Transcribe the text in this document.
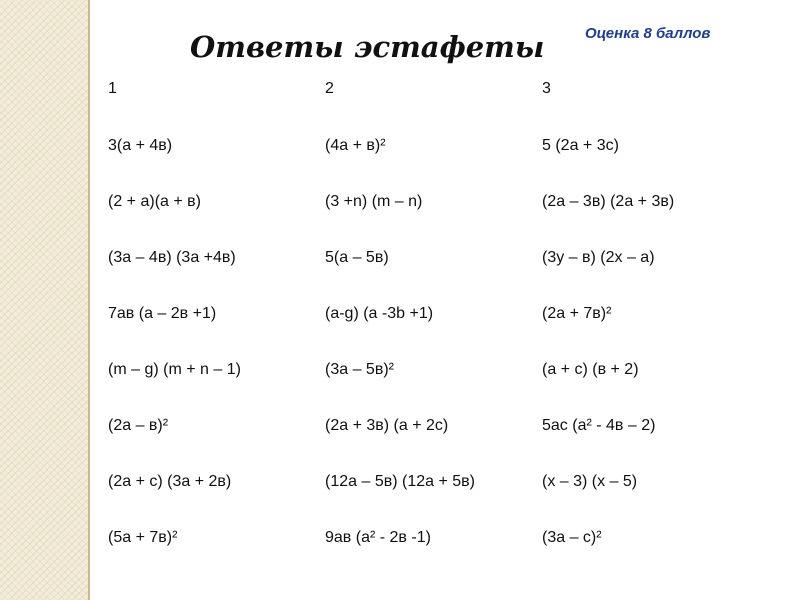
Ответы эстафеты	Оценка 8 баллов
1	2	3
3(а + 4в)	(4а + в)²	5 (2а + 3с)
(2 + а)(а + в)	(3 +n) (m – n)	(2а – 3в) (2а + 3в)
(3а – 4в) (3а +4в)	5(а – 5в)	(3у – в) (2х – а)
7ав (а – 2в +1)	(a-g) (a -3b +1)	(2а + 7в)²
(m – g) (m + n – 1)	(3а – 5в)²	(а + с) (в + 2)
(2а – в)²	(2а + 3в) (а + 2с)	5ас (а² - 4в – 2)
(2а + с) (3а + 2в)	(12а – 5в) (12а + 5в)	(х – 3) (х – 5)
(5а + 7в)²	9ав (а² - 2в -1)	(3а – с)²
